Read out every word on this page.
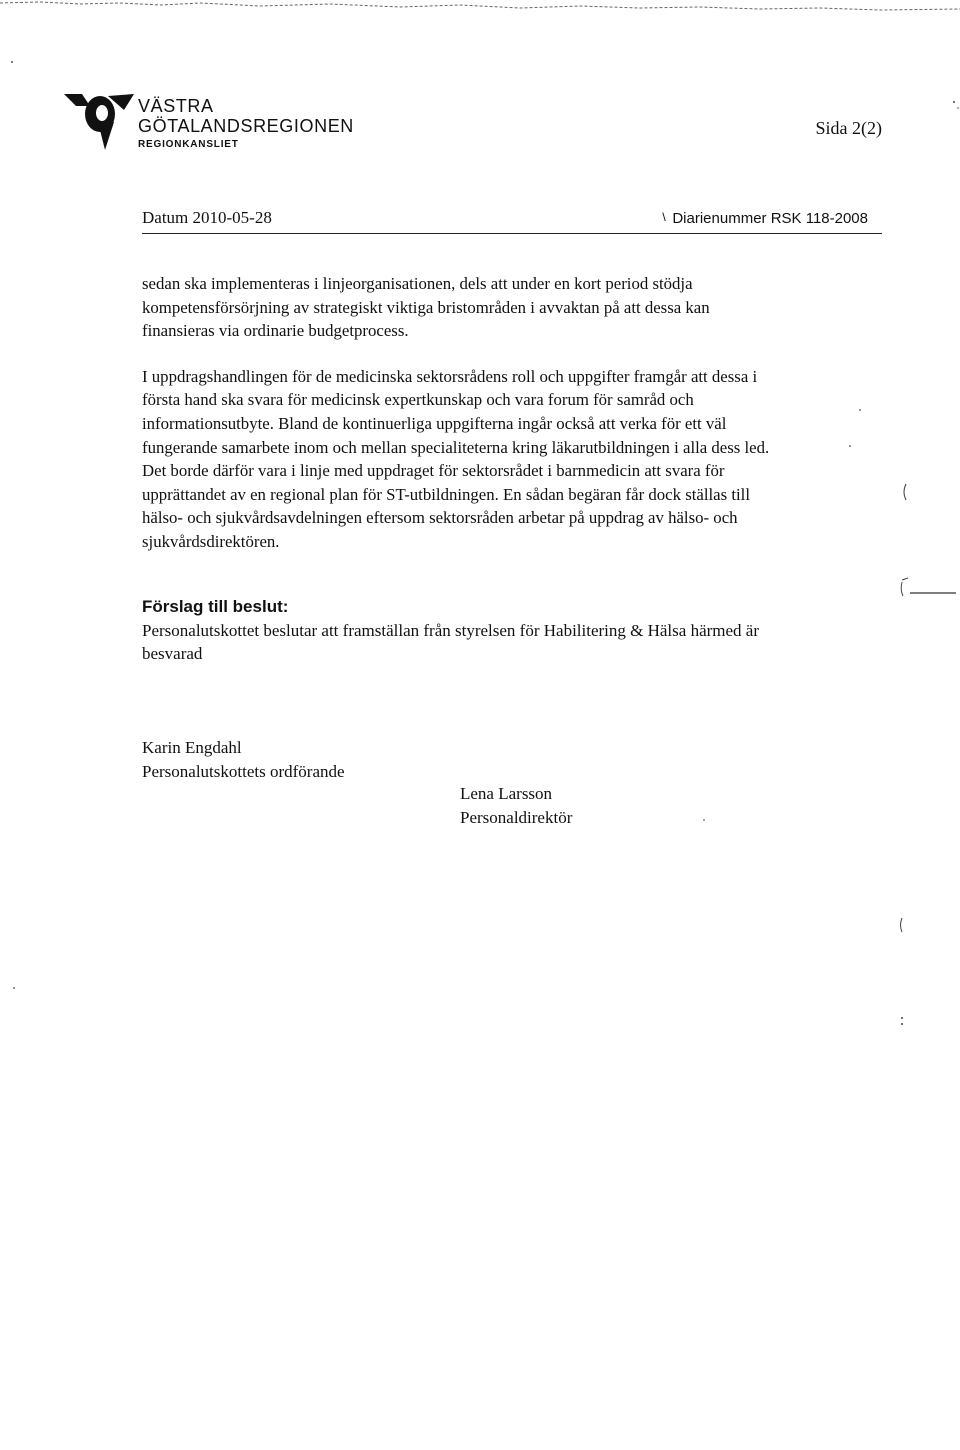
VÄSTRA
GÖTALANDSREGIONEN
REGIONKANSLIET
Sida 2(2)
Datum 2010-05-28	\ Diarienummer RSK 118-2008

sedan ska implementeras i linjeorganisationen, dels att under en kort period stödja kompetensförsörjning av strategiskt viktiga bristområden i avvaktan på att dessa kan finansieras via ordinarie budgetprocess.

I uppdragshandlingen för de medicinska sektorsrådens roll och uppgifter framgår att dessa i första hand ska svara för medicinsk expertkunskap och vara forum för samråd och informationsutbyte. Bland de kontinuerliga uppgifterna ingår också att verka för ett väl fungerande samarbete inom och mellan specialiteterna kring läkarutbildningen i alla dess led. Det borde därför vara i linje med uppdraget för sektorsrådet i barnmedicin att svara för upprättandet av en regional plan för ST-utbildningen. En sådan begäran får dock ställas till hälso- och sjukvårdsavdelningen eftersom sektorsråden arbetar på uppdrag av hälso- och sjukvårdsdirektören.

Förslag till beslut:

Personalutskottet beslutar att framställan från styrelsen för Habilitering & Hälsa härmed är besvarad

Karin Engdahl
Personalutskottets ordförande
Lena Larsson
Personaldirektör
